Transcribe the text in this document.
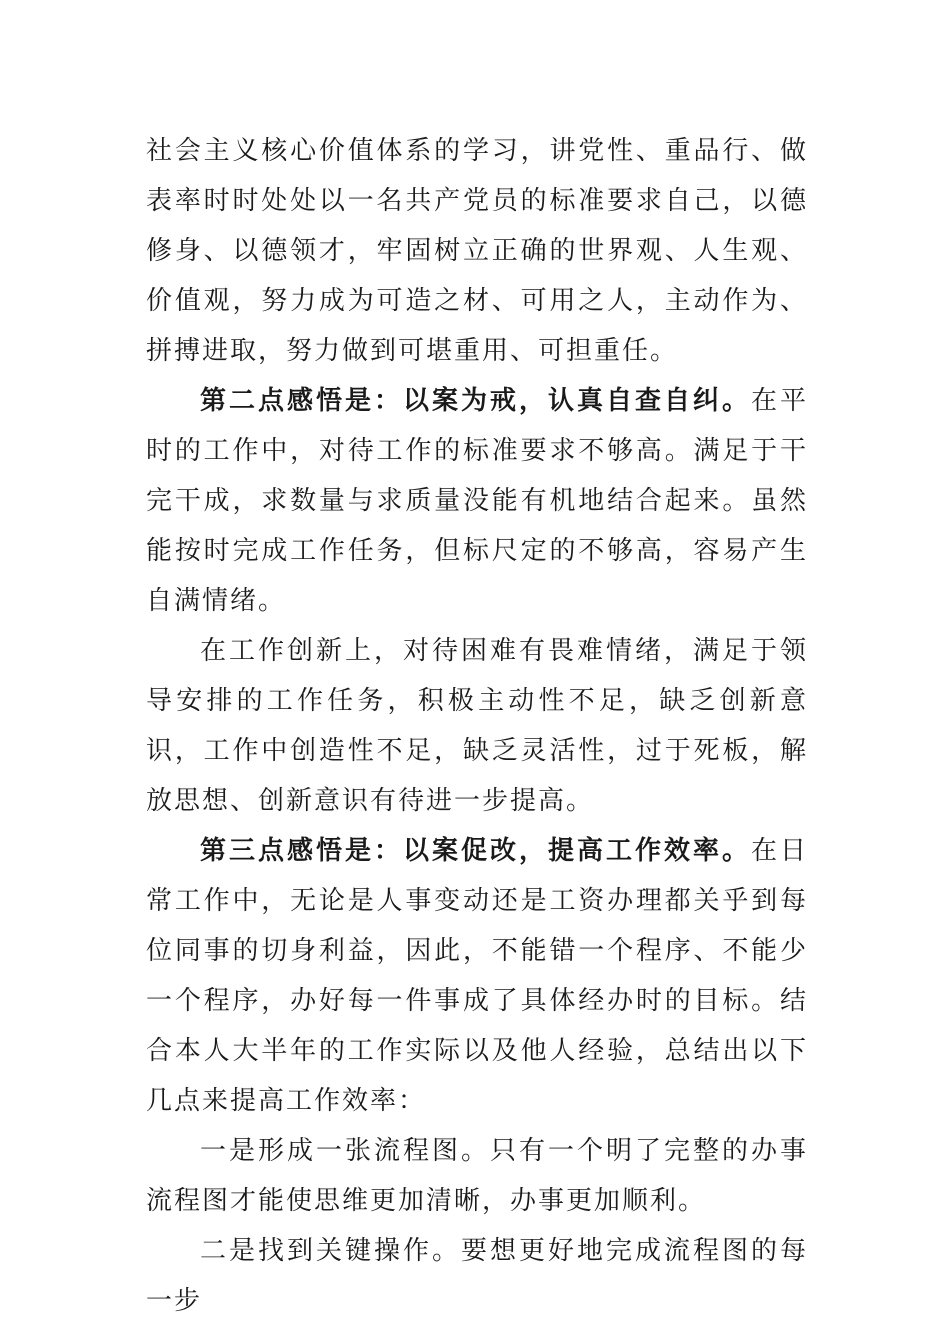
社会主义核心价值体系的学习，讲党性、重品行、做表率时时处处以一名共产党员的标准要求自己，以德修身、以德领才，牢固树立正确的世界观、人生观、价值观，努力成为可造之材、可用之人，主动作为、拼搏进取，努力做到可堪重用、可担重任。

第二点感悟是：以案为戒，认真自查自纠。在平时的工作中，对待工作的标准要求不够高。满足于干完干成，求数量与求质量没能有机地结合起来。虽然能按时完成工作任务，但标尺定的不够高，容易产生自满情绪。

在工作创新上，对待困难有畏难情绪，满足于领导安排的工作任务，积极主动性不足，缺乏创新意识，工作中创造性不足，缺乏灵活性，过于死板，解放思想、创新意识有待进一步提高。

第三点感悟是：以案促改，提高工作效率。在日常工作中，无论是人事变动还是工资办理都关乎到每位同事的切身利益，因此，不能错一个程序、不能少一个程序，办好每一件事成了具体经办时的目标。结合本人大半年的工作实际以及他人经验，总结出以下几点来提高工作效率：

一是形成一张流程图。只有一个明了完整的办事流程图才能使思维更加清晰，办事更加顺利。

二是找到关键操作。要想更好地完成流程图的每一步
